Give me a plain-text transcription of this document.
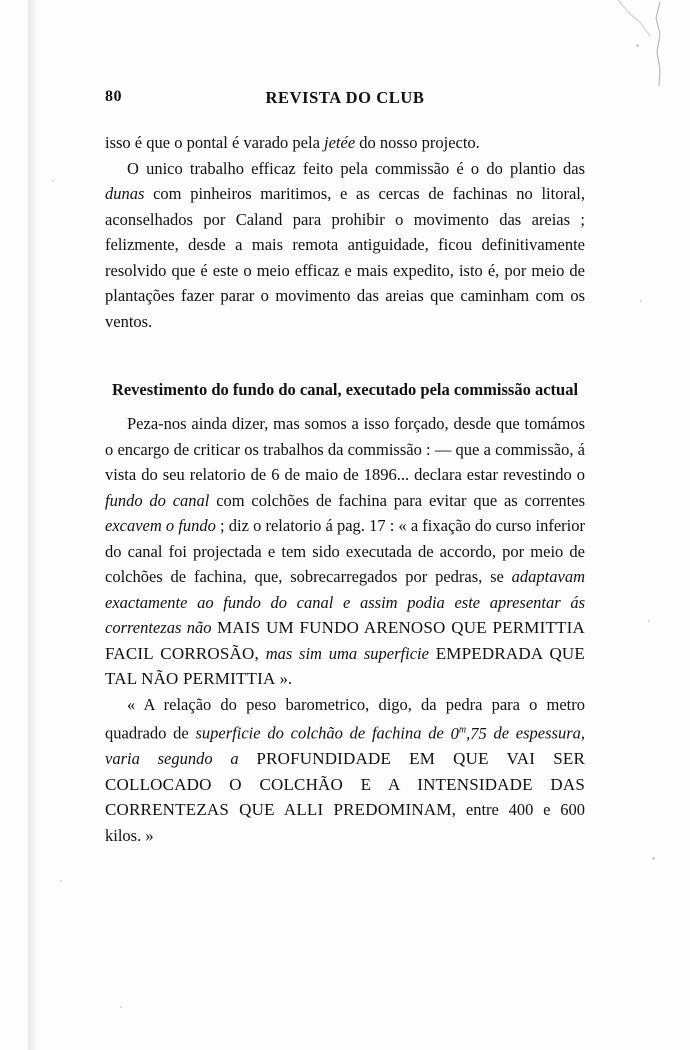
80	REVISTA DO CLUB

isso é que o pontal é varado pela jetée do nosso projecto.

O unico trabalho efficaz feito pela commissão é o do plantio das dunas com pinheiros maritimos, e as cercas de fachinas no litoral, aconselhados por Caland para prohibir o movimento das areias ; felizmente, desde a mais remota antiguidade, ficou definitivamente resolvido que é este o meio efficaz e mais expedito, isto é, por meio de plantações fazer parar o movimento das areias que caminham com os ventos.

Revestimento do fundo do canal, executado pela commissão actual

Peza-nos ainda dizer, mas somos a isso forçado, desde que tomámos o encargo de criticar os trabalhos da commissão : — que a commissão, á vista do seu relatorio de 6 de maio de 1896... declara estar revestindo o fundo do canal com colchões de fachina para evitar que as correntes excavem o fundo ; diz o relatorio á pag. 17 : « a fixação do curso inferior do canal foi projectada e tem sido executada de accordo, por meio de colchões de fachina, que, sobrecarregados por pedras, se adaptavam exactamente ao fundo do canal e assim podia este apresentar ás correntezas não MAIS UM FUNDO ARENOSO QUE PERMITTIA FACIL CORROSÃO, mas sim uma superficie EMPEDRADA QUE TAL NÃO PERMITTIA ».

« A relação do peso barometrico, digo, da pedra para o metro quadrado de superficie do colchão de fachina de 0$^m$,75 de espessura, varia segundo a PROFUNDIDADE EM QUE VAI SER COLLOCADO O COLCHÃO E A INTENSIDADE DAS CORRENTEZAS QUE ALLI PREDOMINAM, entre 400 e 600 kilos. »
